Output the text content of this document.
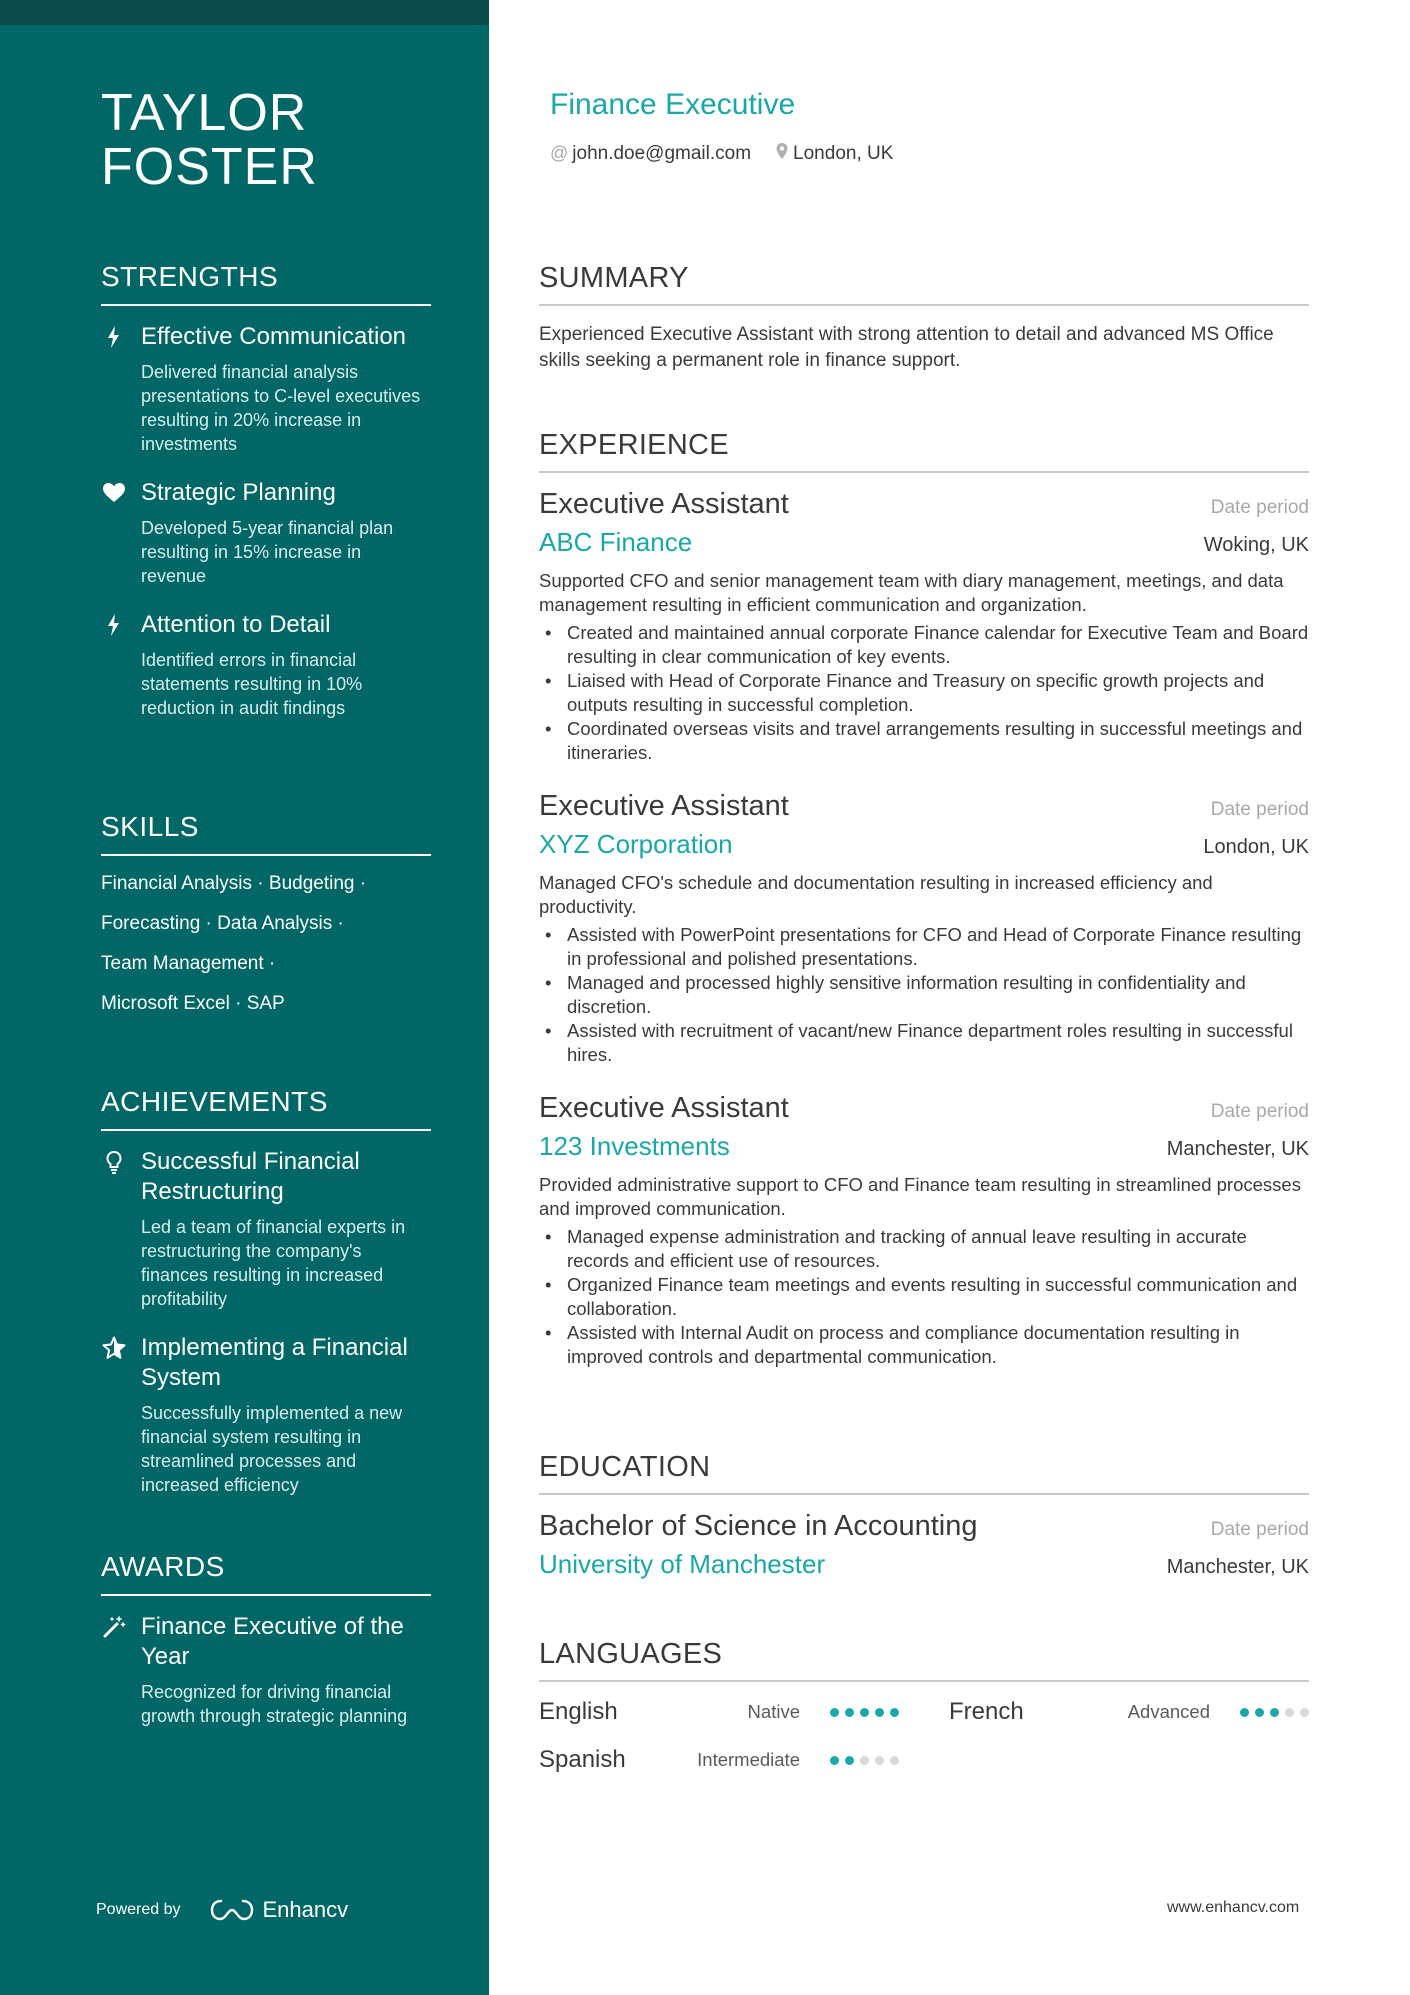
TAYLOR
FOSTER
STRENGTHS
Effective Communication
Delivered financial analysis presentations to C-level executives resulting in 20% increase in investments
Strategic Planning
Developed 5-year financial plan resulting in 15% increase in revenue
Attention to Detail
Identified errors in financial statements resulting in 10% reduction in audit findings
SKILLS
Financial Analysis · Budgeting ·
Forecasting · Data Analysis ·
Team Management ·
Microsoft Excel · SAP
ACHIEVEMENTS
Successful Financial Restructuring
Led a team of financial experts in restructuring the company's finances resulting in increased profitability
Implementing a Financial System
Successfully implemented a new financial system resulting in streamlined processes and increased efficiency
AWARDS
Finance Executive of the Year
Recognized for driving financial growth through strategic planning
Powered by	Enhancv
Finance Executive
@ john.doe@gmail.com London, UK
SUMMARY
Experienced Executive Assistant with strong attention to detail and advanced MS Office skills seeking a permanent role in finance support.
EXPERIENCE
Executive Assistant	Date period
ABC Finance	Woking, UK
Supported CFO and senior management team with diary management, meetings, and data management resulting in efficient communication and organization.
• Created and maintained annual corporate Finance calendar for Executive Team and Board resulting in clear communication of key events.
• Liaised with Head of Corporate Finance and Treasury on specific growth projects and outputs resulting in successful completion.
• Coordinated overseas visits and travel arrangements resulting in successful meetings and itineraries.
Executive Assistant	Date period
XYZ Corporation	London, UK
Managed CFO's schedule and documentation resulting in increased efficiency and productivity.
• Assisted with PowerPoint presentations for CFO and Head of Corporate Finance resulting in professional and polished presentations.
• Managed and processed highly sensitive information resulting in confidentiality and discretion.
• Assisted with recruitment of vacant/new Finance department roles resulting in successful hires.
Executive Assistant	Date period
123 Investments	Manchester, UK
Provided administrative support to CFO and Finance team resulting in streamlined processes and improved communication.
• Managed expense administration and tracking of annual leave resulting in accurate records and efficient use of resources.
• Organized Finance team meetings and events resulting in successful communication and collaboration.
• Assisted with Internal Audit on process and compliance documentation resulting in improved controls and departmental communication.
EDUCATION
Bachelor of Science in Accounting	Date period
University of Manchester	Manchester, UK
LANGUAGES
English	Native	French	Advanced
Spanish	Intermediate
www.enhancv.com
